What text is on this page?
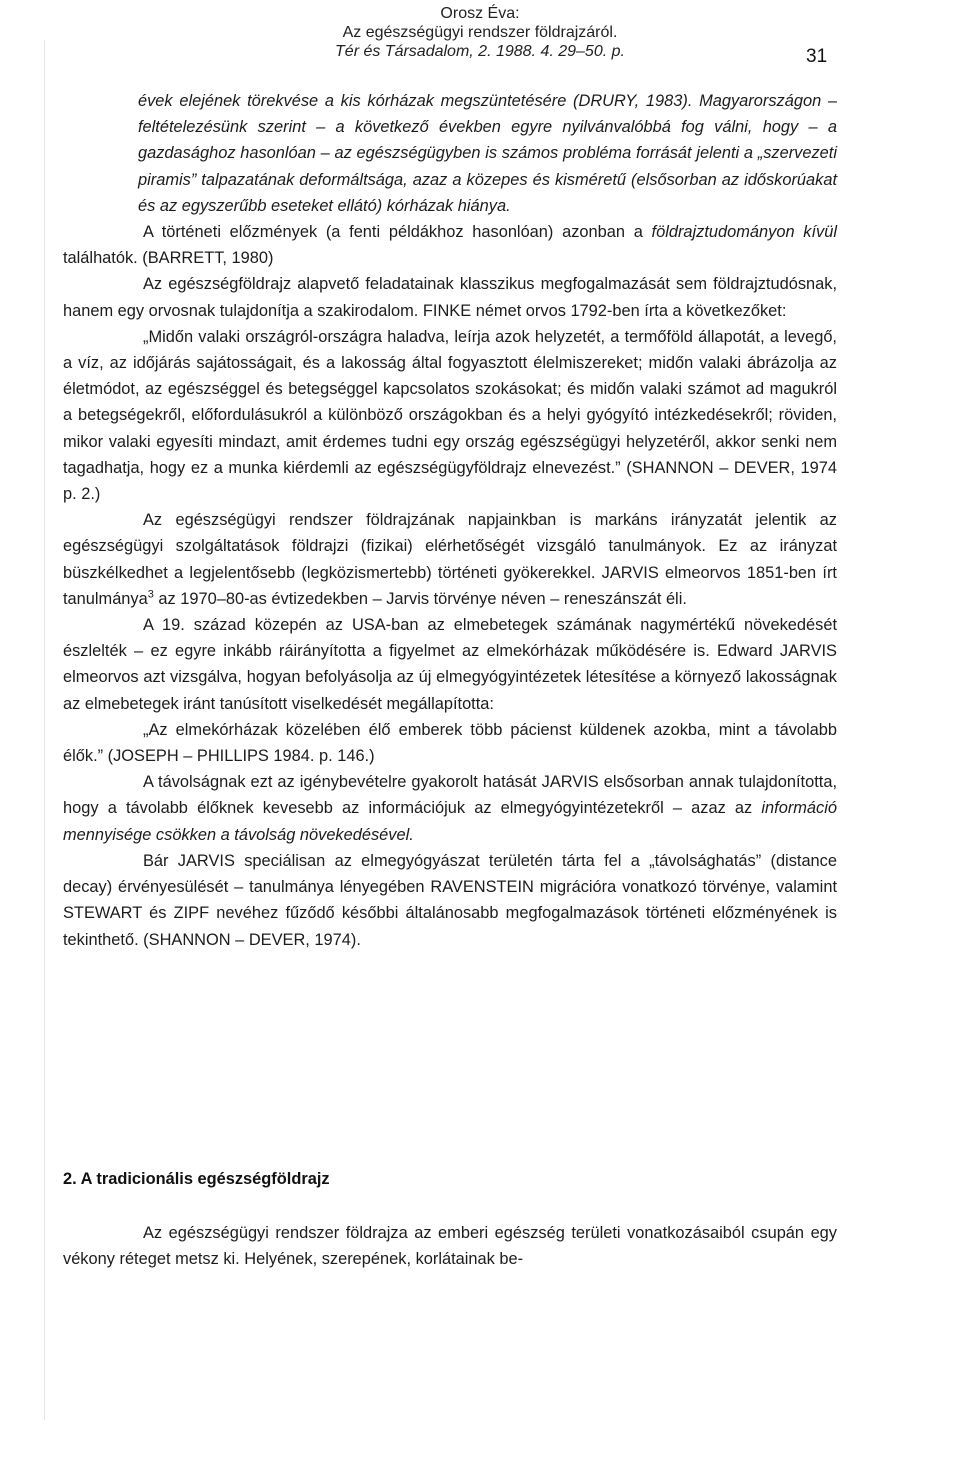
Orosz Éva:
Az egészségügyi rendszer földrajzáról.
Tér és Társadalom, 2. 1988. 4. 29–50. p.	31

évek elejének törekvése a kis kórházak megszüntetésére (DRURY, 1983). Magyarországon – feltételezésünk szerint – a következő években egyre nyilvánvalóbbá fog válni, hogy – a gazdasághoz hasonlóan – az egészségügyben is számos probléma forrását jelenti a „szervezeti piramis” talpazatának deformáltsága, azaz a közepes és kisméretű (elsősorban az időskorúakat és az egyszerűbb eseteket ellátó) kórházak hiánya.

A történeti előzmények (a fenti példákhoz hasonlóan) azonban a földrajztudományon kívül találhatók. (BARRETT, 1980)

Az egészségföldrajz alapvető feladatainak klasszikus megfogalmazását sem földrajztudósnak, hanem egy orvosnak tulajdonítja a szakirodalom. FINKE német orvos 1792-ben írta a következőket:

„Midőn valaki országról-országra haladva, leírja azok helyzetét, a termőföld állapotát, a levegő, a víz, az időjárás sajátosságait, és a lakosság által fogyasztott élelmiszereket; midőn valaki ábrázolja az életmódot, az egészséggel és betegséggel kapcsolatos szokásokat; és midőn valaki számot ad magukról a betegségekről, előfordulásukról a különböző országokban és a helyi gyógyító intézkedésekről; röviden, mikor valaki egyesíti mindazt, amit érdemes tudni egy ország egészségügyi helyzetéről, akkor senki nem tagadhatja, hogy ez a munka kiérdemli az egészségügyföldrajz elnevezést.” (SHANNON – DEVER, 1974 p. 2.)

Az egészségügyi rendszer földrajzának napjainkban is markáns irányzatát jelentik az egészségügyi szolgáltatások földrajzi (fizikai) elérhetőségét vizsgáló tanulmányok. Ez az irányzat büszkélkedhet a legjelentősebb (legközismertebb) történeti gyökerekkel. JARVIS elmeorvos 1851-ben írt tanulmánya$^3$ az 1970–80-as évtizedekben – Jarvis törvénye néven – reneszánszát éli.

A 19. század közepén az USA-ban az elmebetegek számának nagymértékű növekedését észlelték – ez egyre inkább ráirányította a figyelmet az elmekórházak működésére is. Edward JARVIS elmeorvos azt vizsgálva, hogyan befolyásolja az új elmegyógyintézetek létesítése a környező lakosságnak az elmebetegek iránt tanúsított viselkedését megállapította:

„Az elmekórházak közelében élő emberek több pácienst küldenek azokba, mint a távolabb élők.” (JOSEPH – PHILLIPS 1984. p. 146.)

A távolságnak ezt az igénybevételre gyakorolt hatását JARVIS elsősorban annak tulajdonította, hogy a távolabb élőknek kevesebb az információjuk az elmegyógyintézetekről – azaz az információ mennyisége csökken a távolság növekedésével.

Bár JARVIS speciálisan az elmegyógyászat területén tárta fel a „távolsághatás” (distance decay) érvényesülését – tanulmánya lényegében RAVENSTEIN migrációra vonatkozó törvénye, valamint STEWART és ZIPF nevéhez fűződő későbbi általánosabb megfogalmazások történeti előzményének is tekinthető. (SHANNON – DEVER, 1974).

2. A tradicionális egészségföldrajz

Az egészségügyi rendszer földrajza az emberi egészség területi vonatkozásaiból csupán egy vékony réteget metsz ki. Helyének, szerepének, korlátainak be-
